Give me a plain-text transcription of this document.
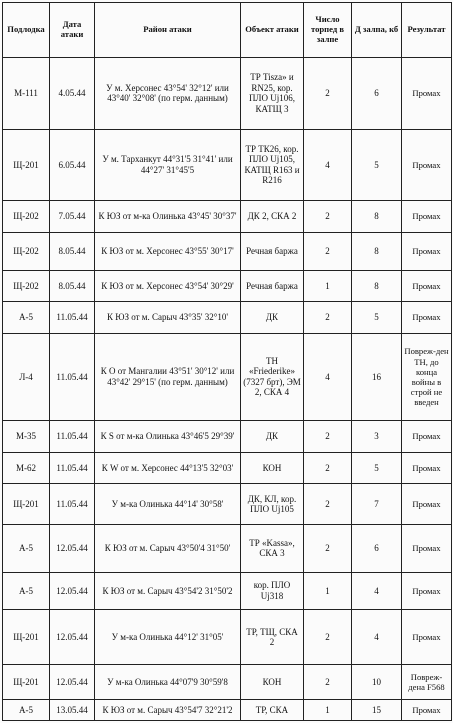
Подлодка	Дата атаки	Район атаки	Объект атаки	Число торпед в залпе	Д залпа, кб	Результат
М-111	4.05.44	У м. Херсонес 43°54' 32°12' или 43°40' 32°08' (по герм. данным)	ТР Tisza» и RN25, кор. ПЛО Uj106, КАТЩ 3	2	6	Промах
Щ-201	6.05.44	У м. Тарханкут 44°31'5 31°41' или 44°27' 31°45'5	ТР ТК26, кор. ПЛО Uj105, КАТЩ R163 и R216	4	5	Промах
Щ-202	7.05.44	К ЮЗ от м-ка Олинька 43°45' 30°37'	ДК 2, СКА 2	2	8	Промах
Щ-202	8.05.44	К ЮЗ от м. Херсонес 43°55' 30°17'	Речная баржа	2	8	Промах
Щ-202	8.05.44	К ЮЗ от м. Херсонес 43°54' 30°29'	Речная баржа	1	8	Промах
А-5	11.05.44	К ЮЗ от м. Сарыч 43°35' 32°10'	ДК	2	5	Промах
Л-4	11.05.44	К О от Мангалии 43°51' 30°12' или 43°42' 29°15' (по герм. данным)	ТН «Friederike» (7327 брт), ЭМ 2, СКА 4	4	16	Повреж-ден ТН, до конца войны в строй не введен
М-35	11.05.44	К S от м-ка Олинька 43°46'5 29°39'	ДК	2	3	Промах
М-62	11.05.44	К W от м. Херсонес 44°13'5 32°03'	КОН	2	5	Промах
Щ-201	11.05.44	У м-ка Олинька 44°14' 30°58'	ДК, КЛ, кор. ПЛО Uj105	2	7	Промах
А-5	12.05.44	К ЮЗ от м. Сарыч 43°50'4 31°50'	ТР «Kassa», СКА 3	2	6	Промах
А-5	12.05.44	К ЮЗ от м. Сарыч 43°54'2 31°50'2	кор. ПЛО Uj318	1	4	Промах
Щ-201	12.05.44	У м-ка Олинька 44°12' 31°05'	ТР, ТЩ, СКА 2	2	4	Промах
Щ-201	12.05.44	У м-ка Олинька 44°07'9 30°59'8	КОН	2	10	Повреж-дена F568
А-5	13.05.44	К ЮЗ от м. Сарыч 43°54'7 32°21'2	ТР, СКА	1	15	Промах
